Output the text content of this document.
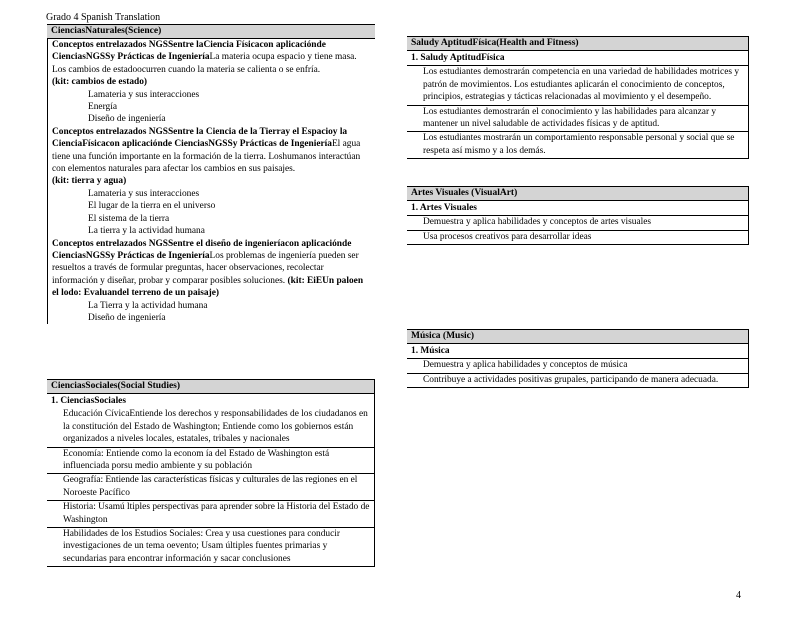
Grado 4 Spanish Translation
CienciasNaturales(Science)
Conceptos entrelazados NGSSentre laCiencia Físicacon aplicaciónde CienciasNGSSy Prácticas de IngenieríaLa materia ocupa espacio y tiene masa. Los cambios de estadoocurren cuando la materia se calienta o se enfría.
(kit: cambios de estado)
Lamateria y sus interacciones
Energía
Diseño de ingeniería
Conceptos entrelazados NGSSentre la Ciencia de la Tierray el Espacioy la CienciaFísicacon aplicaciónde CienciasNGSSy Prácticas de IngenieríaEl agua tiene una función importante en la formación de la tierra. Loshumanos interactúan con elementos naturales para afectar los cambios en sus paisajes.
(kit: tierra y agua)
Lamateria y sus interacciones
El lugar de la tierra en el universo
El sistema de la tierra
La tierra y la actividad humana
Conceptos entrelazados NGSSentre el diseño de ingenieríacon aplicaciónde CienciasNGSSy Prácticas de IngenieríaLos problemas de ingeniería pueden ser resueltos a través de formular preguntas, hacer observaciones, recolectar información y diseñar, probar y comparar posibles soluciones. (kit: EiEUn paloen el lodo: Evaluandel terreno de un paisaje)
La Tierra y la actividad humana
Diseño de ingeniería
Saludy AptitudFísica(Health and Fitness)
1. Saludy AptitudFísica
Los estudiantes demostrarán competencia en una variedad de habilidades motrices y patrón de movimientos. Los estudiantes aplicarán el conocimiento de conceptos, principios, estrategias y tácticas relacionadas al movimiento y el desempeño.
Los estudiantes demostrarán el conocimiento y las habilidades para alcanzar y mantener un nivel saludable de actividades físicas y de aptitud.
Los estudiantes mostrarán un comportamiento responsable personal y social que se respeta así mismo y a los demás.
Artes Visuales (VisualArt)
1. Artes Visuales
Demuestra y aplica habilidades y conceptos de artes visuales
Usa procesos creativos para desarrollar ideas
Música (Music)
1. Música
Demuestra y aplica habilidades y conceptos de música
Contribuye a actividades positivas grupales, participando de manera adecuada.
CienciasSociales(Social Studies)
1. CienciasSociales
Educación CívicaEntiende los derechos y responsabilidades de los ciudadanos en la constitución del Estado de Washington; Entiende como los gobiernos están organizados a niveles locales, estatales, tribales y nacionales
Economía: Entiende como la econom ía del Estado de Washington está influenciada porsu medio ambiente y su población
Geografía: Entiende las características físicas y culturales de las regiones en el Noroeste Pacífico
Historia: Usamú ltiples perspectivas para aprender sobre la Historia del Estado de Washington
Habilidades de los Estudios Sociales: Crea y usa cuestiones para conducir investigaciones de un tema oevento; Usam últiples fuentes primarias y secundarias para encontrar información y sacar conclusiones
4
